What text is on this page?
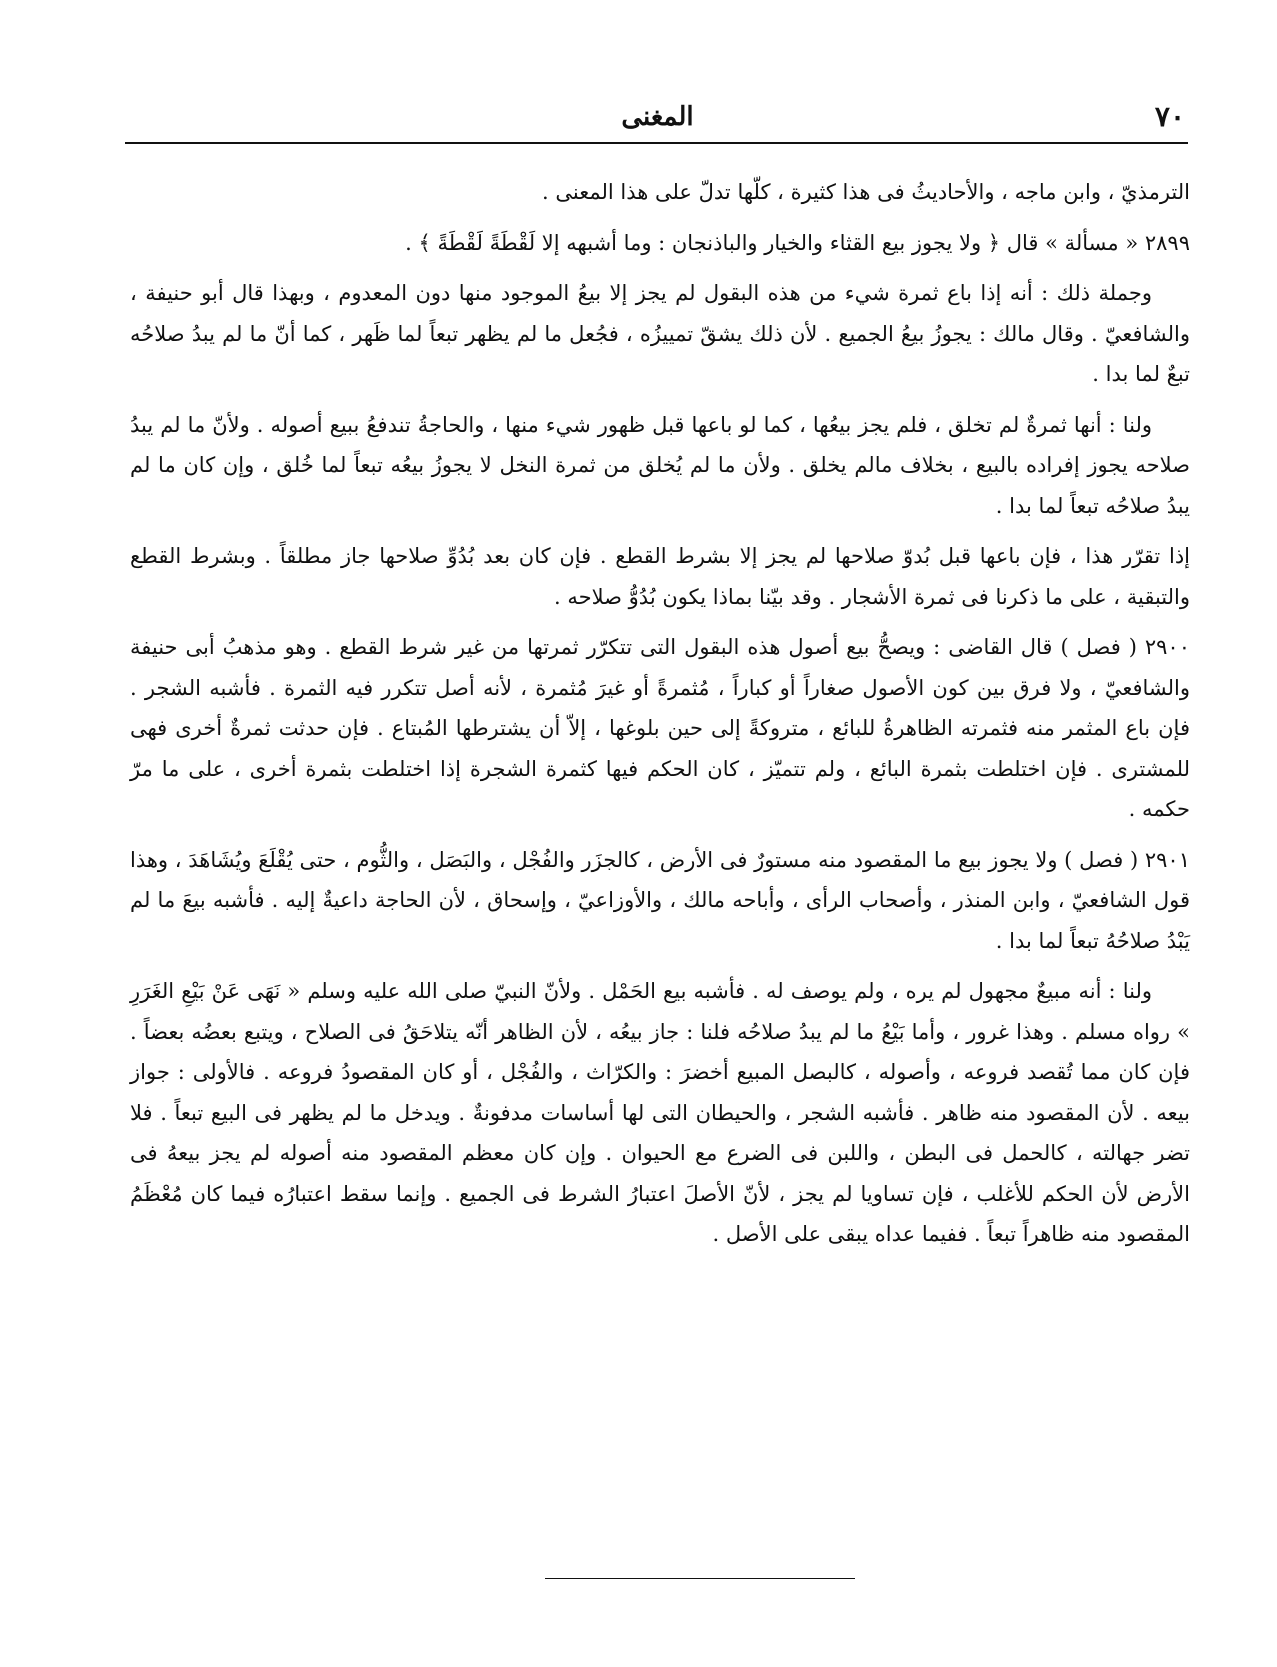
٧٠
المغنى

الترمذيّ ، وابن ماجه ، والأحاديثُ فى هذا كثيرة ، كلّها تدلّ على هذا المعنى .

٢٨٩٩ « مسألة » قال ﴿ ولا يجوز بيع القثاء والخيار والباذنجان : وما أشبهه إلا لَقْطَةً لَقْطَةً ﴾ .

وجملة ذلك : أنه إذا باع ثمرة شيء من هذه البقول لم يجز إلا بيعُ الموجود منها دون المعدوم ، وبهذا قال أبو حنيفة ، والشافعيّ . وقال مالك : يجوزُ بيعُ الجميع . لأن ذلك يشقّ تمييزُه ، فجُعل ما لم يظهر تبعاً لما ظَهر ، كما أنّ ما لم يبدُ صلاحُه تبعٌ لما بدا .

ولنا : أنها ثمرةٌ لم تخلق ، فلم يجز بيعُها ، كما لو باعها قبل ظهور شيء منها ، والحاجةُ تندفعُ ببيع أصوله . ولأنّ ما لم يبدُ صلاحه يجوز إفراده بالبيع ، بخلاف مالم يخلق . ولأن ما لم يُخلق من ثمرة النخل لا يجوزُ بيعُه تبعاً لما خُلق ، وإن كان ما لم يبدُ صلاحُه تبعاً لما بدا .

إذا تقرّر هذا ، فإن باعها قبل بُدوّ صلاحها لم يجز إلا بشرط القطع . فإن كان بعد بُدُوِّ صلاحها جاز مطلقاً . وبشرط القطع والتبقية ، على ما ذكرنا فى ثمرة الأشجار . وقد بيّنا بماذا يكون بُدُوُّ صلاحه .

٢٩٠٠ ( فصل ) قال القاضى : ويصحُّ بيع أصول هذه البقول التى تتكرّر ثمرتها من غير شرط القطع . وهو مذهبُ أبى حنيفة والشافعيّ ، ولا فرق بين كون الأصول صغاراً أو كباراً ، مُثمرةً أو غيرَ مُثمرة ، لأنه أصل تتكرر فيه الثمرة . فأشبه الشجر . فإن باع المثمر منه فثمرته الظاهرةُ للبائع ، متروكةً إلى حين بلوغها ، إلاّ أن يشترطها المُبتاع . فإن حدثت ثمرةٌ أخرى فهى للمشترى . فإن اختلطت بثمرة البائع ، ولم تتميّز ، كان الحكم فيها كثمرة الشجرة إذا اختلطت بثمرة أخرى ، على ما مرّ حكمه .

٢٩٠١ ( فصل ) ولا يجوز بيع ما المقصود منه مستورٌ فى الأرض ، كالجزَر والفُجْل ، والبَصَل ، والثُّوم ، حتى يُقْلَعَ ويُشَاهَدَ ، وهذا قول الشافعيّ ، وابن المنذر ، وأصحاب الرأى ، وأباحه مالك ، والأوزاعيّ ، وإسحاق ، لأن الحاجة داعيةٌ إليه . فأشبه بيعَ ما لم يَبْدُ صلاحُهُ تبعاً لما بدا .

ولنا : أنه مبيعٌ مجهول لم يره ، ولم يوصف له . فأشبه بيع الحَمْل . ولأنّ النبيّ صلى الله عليه وسلم « نَهَى عَنْ بَيْعِ الغَرَرِ » رواه مسلم . وهذا غرور ، وأما بَيْعُ ما لم يبدُ صلاحُه فلنا : جاز بيعُه ، لأن الظاهر أنّه يتلاحَقُ فى الصلاح ، ويتبع بعضُه بعضاً . فإن كان مما تُقصد فروعه ، وأصوله ، كالبصل المبيع أخضرَ : والكرّاث ، والفُجْل ، أو كان المقصودُ فروعه . فالأولى : جواز بيعه . لأن المقصود منه ظاهر . فأشبه الشجر ، والحيطان التى لها أساسات مدفونةٌ . ويدخل ما لم يظهر فى البيع تبعاً . فلا تضر جهالته ، كالحمل فى البطن ، واللبن فى الضرع مع الحيوان . وإن كان معظم المقصود منه أصوله لم يجز بيعهُ فى الأرض لأن الحكم للأغلب ، فإن تساويا لم يجز ، لأنّ الأصلَ اعتبارُ الشرط فى الجميع . وإنما سقط اعتبارُه فيما كان مُعْظَمُ المقصود منه ظاهراً تبعاً . ففيما عداه يبقى على الأصل .
